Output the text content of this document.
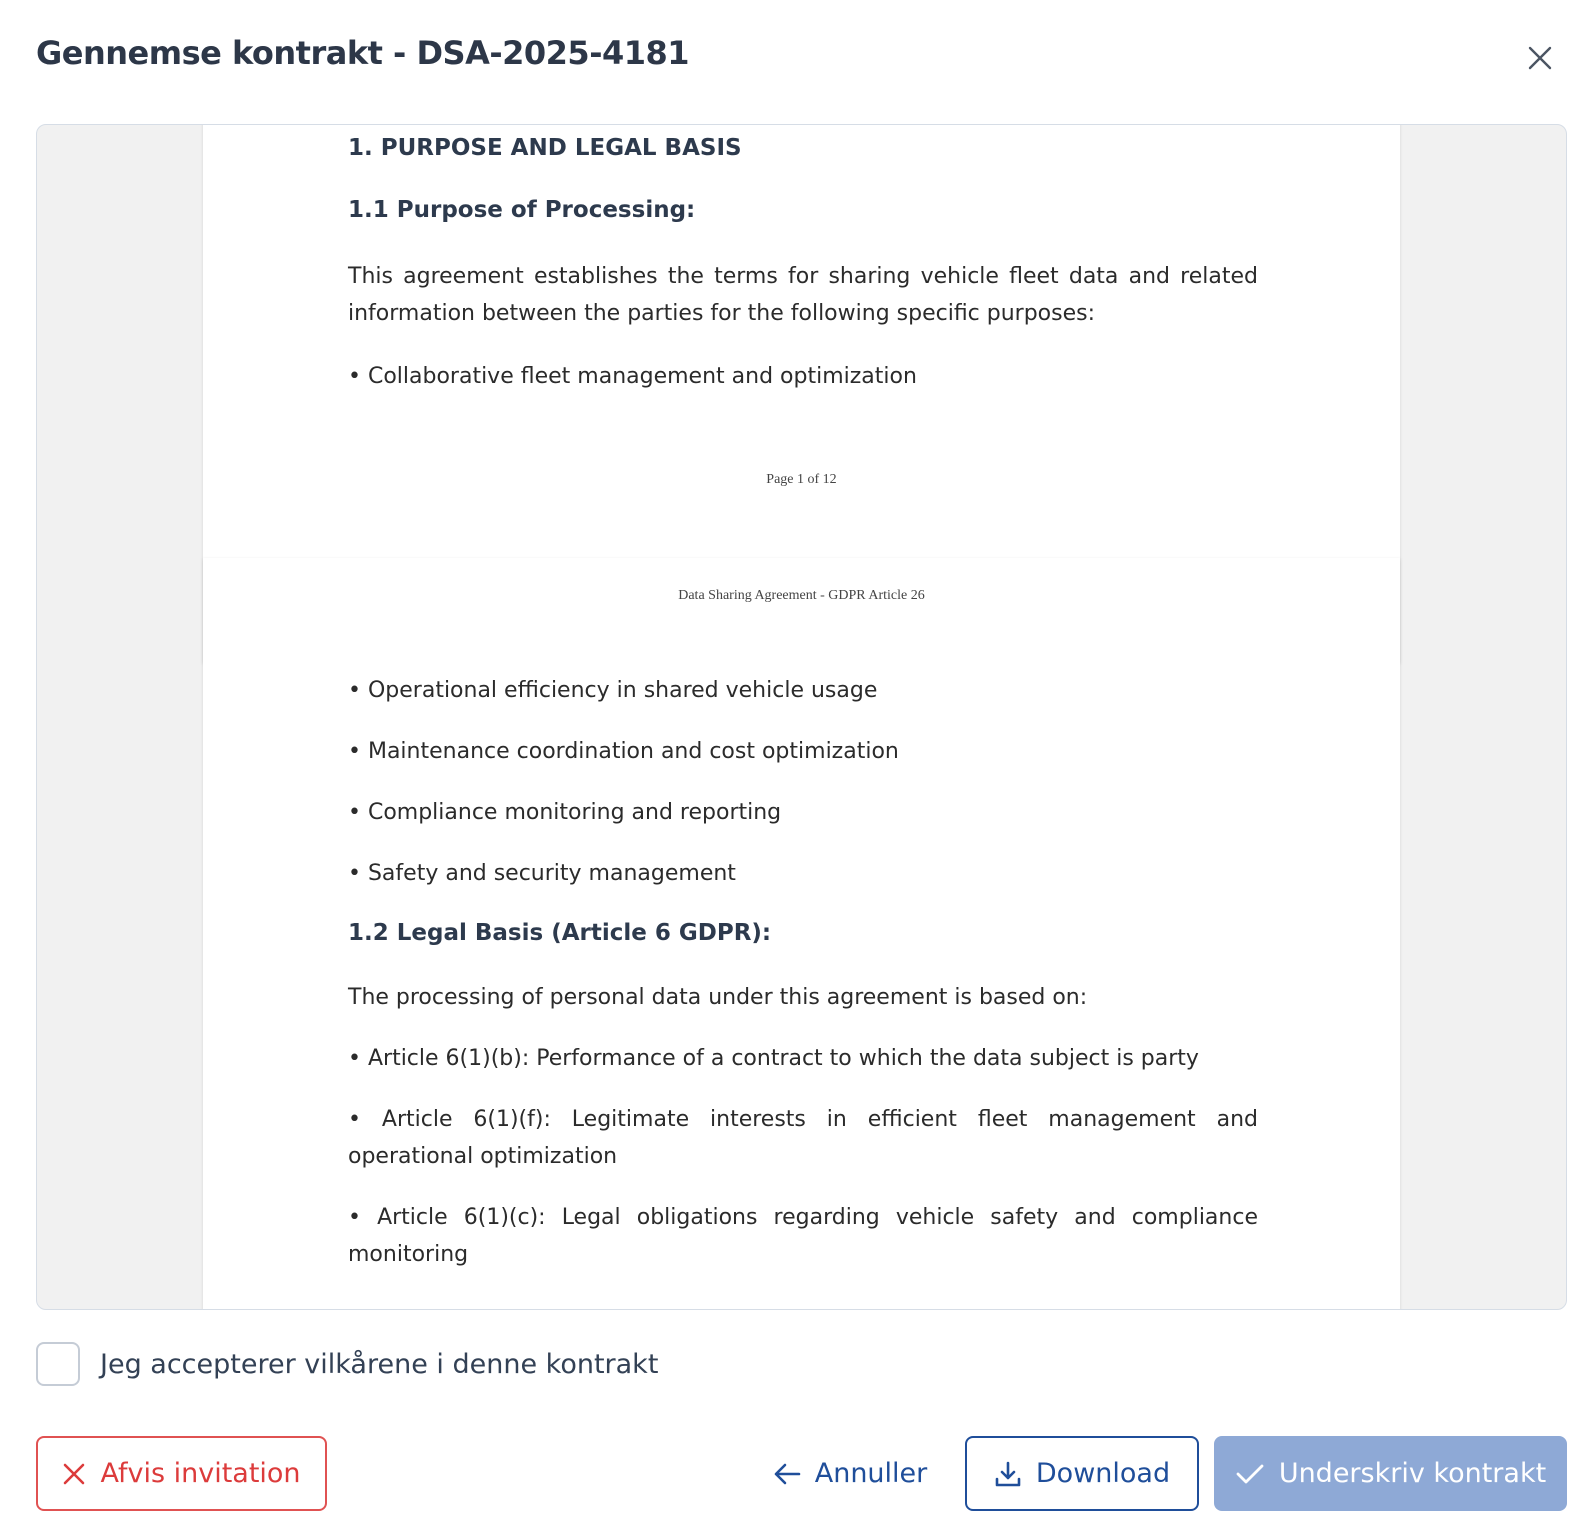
Gennemse kontrakt - DSA-2025-4181
1. PURPOSE AND LEGAL BASIS
1.1 Purpose of Processing:
This agreement establishes the terms for sharing vehicle fleet data and related information between the parties for the following specific purposes:
• Collaborative fleet management and optimization
Page 1 of 12
Data Sharing Agreement - GDPR Article 26
• Operational efficiency in shared vehicle usage
• Maintenance coordination and cost optimization
• Compliance monitoring and reporting
• Safety and security management
1.2 Legal Basis (Article 6 GDPR):
The processing of personal data under this agreement is based on:
• Article 6(1)(b): Performance of a contract to which the data subject is party
• Article 6(1)(f): Legitimate interests in efficient fleet management and operational optimization
• Article 6(1)(c): Legal obligations regarding vehicle safety and compliance monitoring
Jeg accepterer vilkårene i denne kontrakt
Afvis invitation	Annuller	Download	Underskriv kontrakt
